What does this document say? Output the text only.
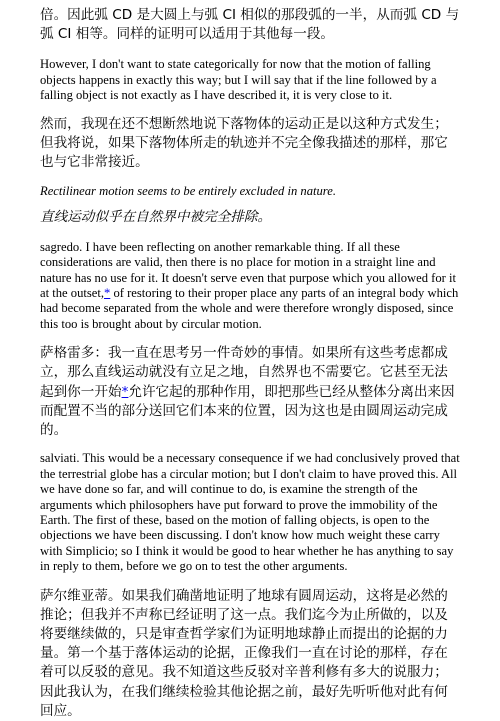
倍。因此弧 CD 是大圆上与弧 CI 相似的那段弧的一半，从而弧 CD 与弧 CI 相等。同样的证明可以适用于其他每一段。

However, I don't want to state categorically for now that the motion of falling objects happens in exactly this way; but I will say that if the line followed by a falling object is not exactly as I have described it, it is very close to it.

然而，我现在还不想断然地说下落物体的运动正是以这种方式发生；但我将说，如果下落物体所走的轨迹并不完全像我描述的那样，那它也与它非常接近。

Rectilinear motion seems to be entirely excluded in nature.

直线运动似乎在自然界中被完全排除。

sagredo. I have been reflecting on another remarkable thing. If all these considerations are valid, then there is no place for motion in a straight line and nature has no use for it. It doesn't serve even that purpose which you allowed for it at the outset,* of restoring to their proper place any parts of an integral body which had become separated from the whole and were therefore wrongly disposed, since this too is brought about by circular motion.

萨格雷多：我一直在思考另一件奇妙的事情。如果所有这些考虑都成立，那么直线运动就没有立足之地，自然界也不需要它。它甚至无法起到你一开始*允许它起的那种作用，即把那些已经从整体分离出来因而配置不当的部分送回它们本来的位置，因为这也是由圆周运动完成的。

salviati. This would be a necessary consequence if we had conclusively proved that the terrestrial globe has a circular motion; but I don't claim to have proved this. All we have done so far, and will continue to do, is examine the strength of the arguments which philosophers have put forward to prove the immobility of the Earth. The first of these, based on the motion of falling objects, is open to the objections we have been discussing. I don't know how much weight these carry with Simplicio; so I think it would be good to hear whether he has anything to say in reply to them, before we go on to test the other arguments.

萨尔维亚蒂。如果我们确凿地证明了地球有圆周运动，这将是必然的推论；但我并不声称已经证明了这一点。我们迄今为止所做的，以及将要继续做的，只是审查哲学家们为证明地球静止而提出的论据的力量。第一个基于落体运动的论据，正像我们一直在讨论的那样，存在着可以反驳的意见。我不知道这些反驳对辛普利修有多大的说服力；因此我认为，在我们继续检验其他论据之前，最好先听听他对此有何回应。
